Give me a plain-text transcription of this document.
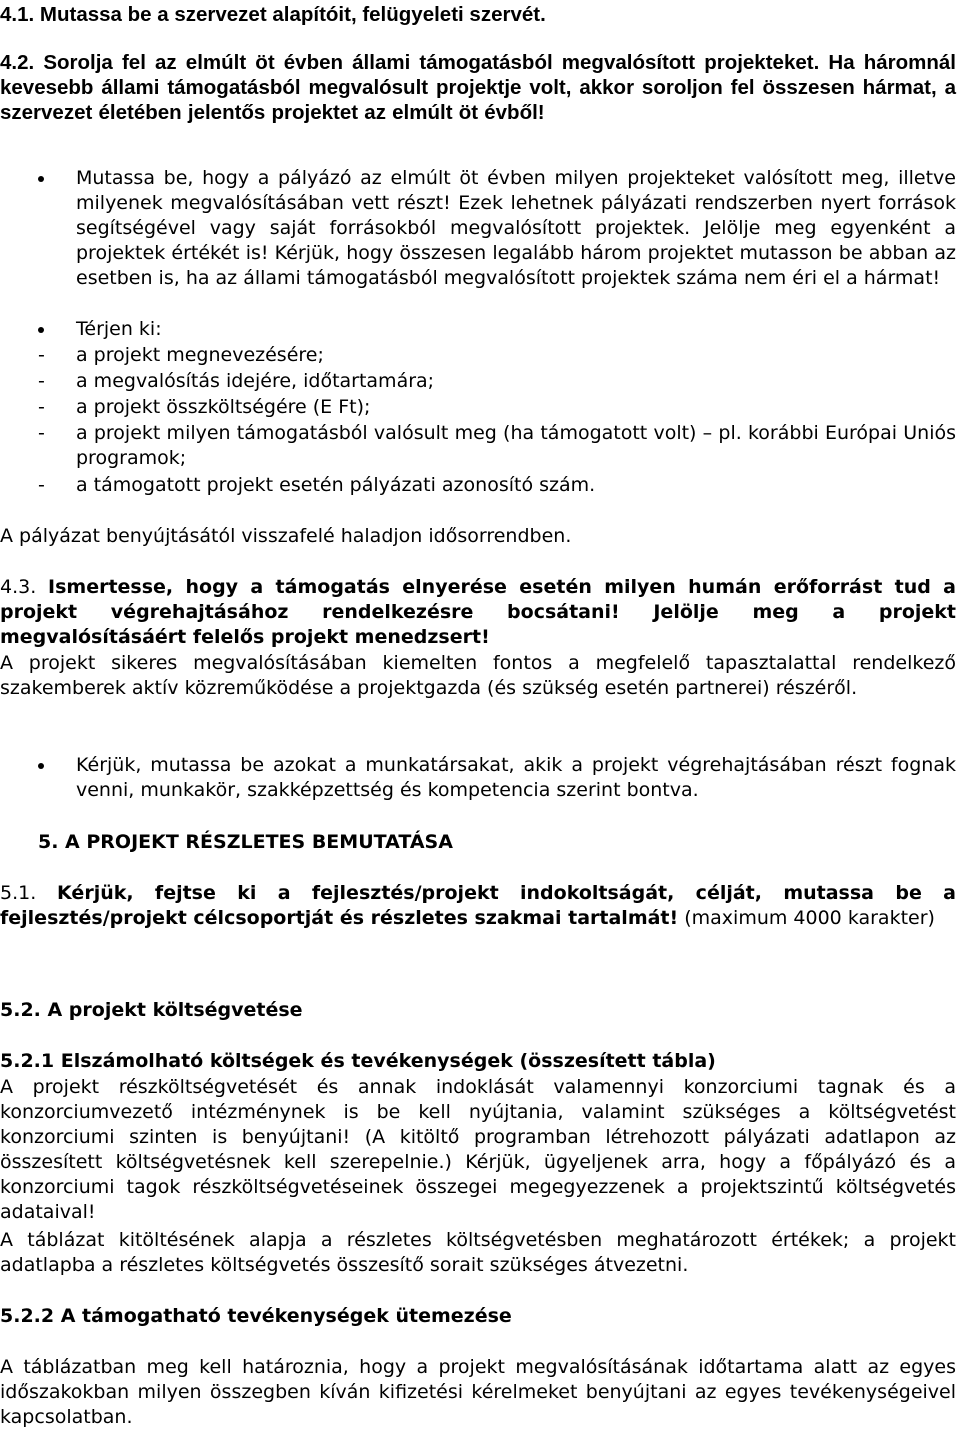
4.1. Mutassa be a szervezet alapítóit, felügyeleti szervét.
4.2. Sorolja fel az elmúlt öt évben állami támogatásból megvalósított projekteket. Ha háromnál kevesebb állami támogatásból megvalósult projektje volt, akkor soroljon fel összesen hármat, a szervezet életében jelentős projektet az elmúlt öt évből!
Mutassa be, hogy a pályázó az elmúlt öt évben milyen projekteket valósított meg, illetve milyenek megvalósításában vett részt! Ezek lehetnek pályázati rendszerben nyert források segítségével vagy saját forrásokból megvalósított projektek. Jelölje meg egyenként a projektek értékét is! Kérjük, hogy összesen legalább három projektet mutasson be abban az esetben is, ha az állami támogatásból megvalósított projektek száma nem éri el a hármat!
Térjen ki:
- a projekt megnevezésére;
- a megvalósítás idejére, időtartamára;
- a projekt összköltségére (E Ft);
- a projekt milyen támogatásból valósult meg (ha támogatott volt) – pl. korábbi Európai Uniós programok;
- a támogatott projekt esetén pályázati azonosító szám.
A pályázat benyújtásától visszafelé haladjon idősorrendben.
4.3. Ismertesse, hogy a támogatás elnyerése esetén milyen humán erőforrást tud a projekt végrehajtásához rendelkezésre bocsátani! Jelölje meg a projekt megvalósításáért felelős projekt menedzsert!
A projekt sikeres megvalósításában kiemelten fontos a megfelelő tapasztalattal rendelkező szakemberek aktív közreműködése a projektgazda (és szükség esetén partnerei) részéről.
Kérjük, mutassa be azokat a munkatársakat, akik a projekt végrehajtásában részt fognak venni, munkakör, szakképzettség és kompetencia szerint bontva.
5. A PROJEKT RÉSZLETES BEMUTATÁSA
5.1. Kérjük, fejtse ki a fejlesztés/projekt indokoltságát, célját, mutassa be a fejlesztés/projekt célcsoportját és részletes szakmai tartalmát! (maximum 4000 karakter)
5.2. A projekt költségvetése
5.2.1 Elszámolható költségek és tevékenységek (összesített tábla)
A projekt részköltségvetését és annak indoklását valamennyi konzorciumi tagnak és a konzorciumvezető intézménynek is be kell nyújtania, valamint szükséges a költségvetést konzorciumi szinten is benyújtani! (A kitöltő programban létrehozott pályázati adatlapon az összesített költségvetésnek kell szerepelnie.) Kérjük, ügyeljenek arra, hogy a főpályázó és a konzorciumi tagok részköltségvetéseinek összegei megegyezzenek a projektszintű költségvetés adataival!
A táblázat kitöltésének alapja a részletes költségvetésben meghatározott értékek; a projekt adatlapba a részletes költségvetés összesítő sorait szükséges átvezetni.
5.2.2 A támogatható tevékenységek ütemezése
A táblázatban meg kell határoznia, hogy a projekt megvalósításának időtartama alatt az egyes időszakokban milyen összegben kíván kifizetési kérelmeket benyújtani az egyes tevékenységeivel kapcsolatban.
